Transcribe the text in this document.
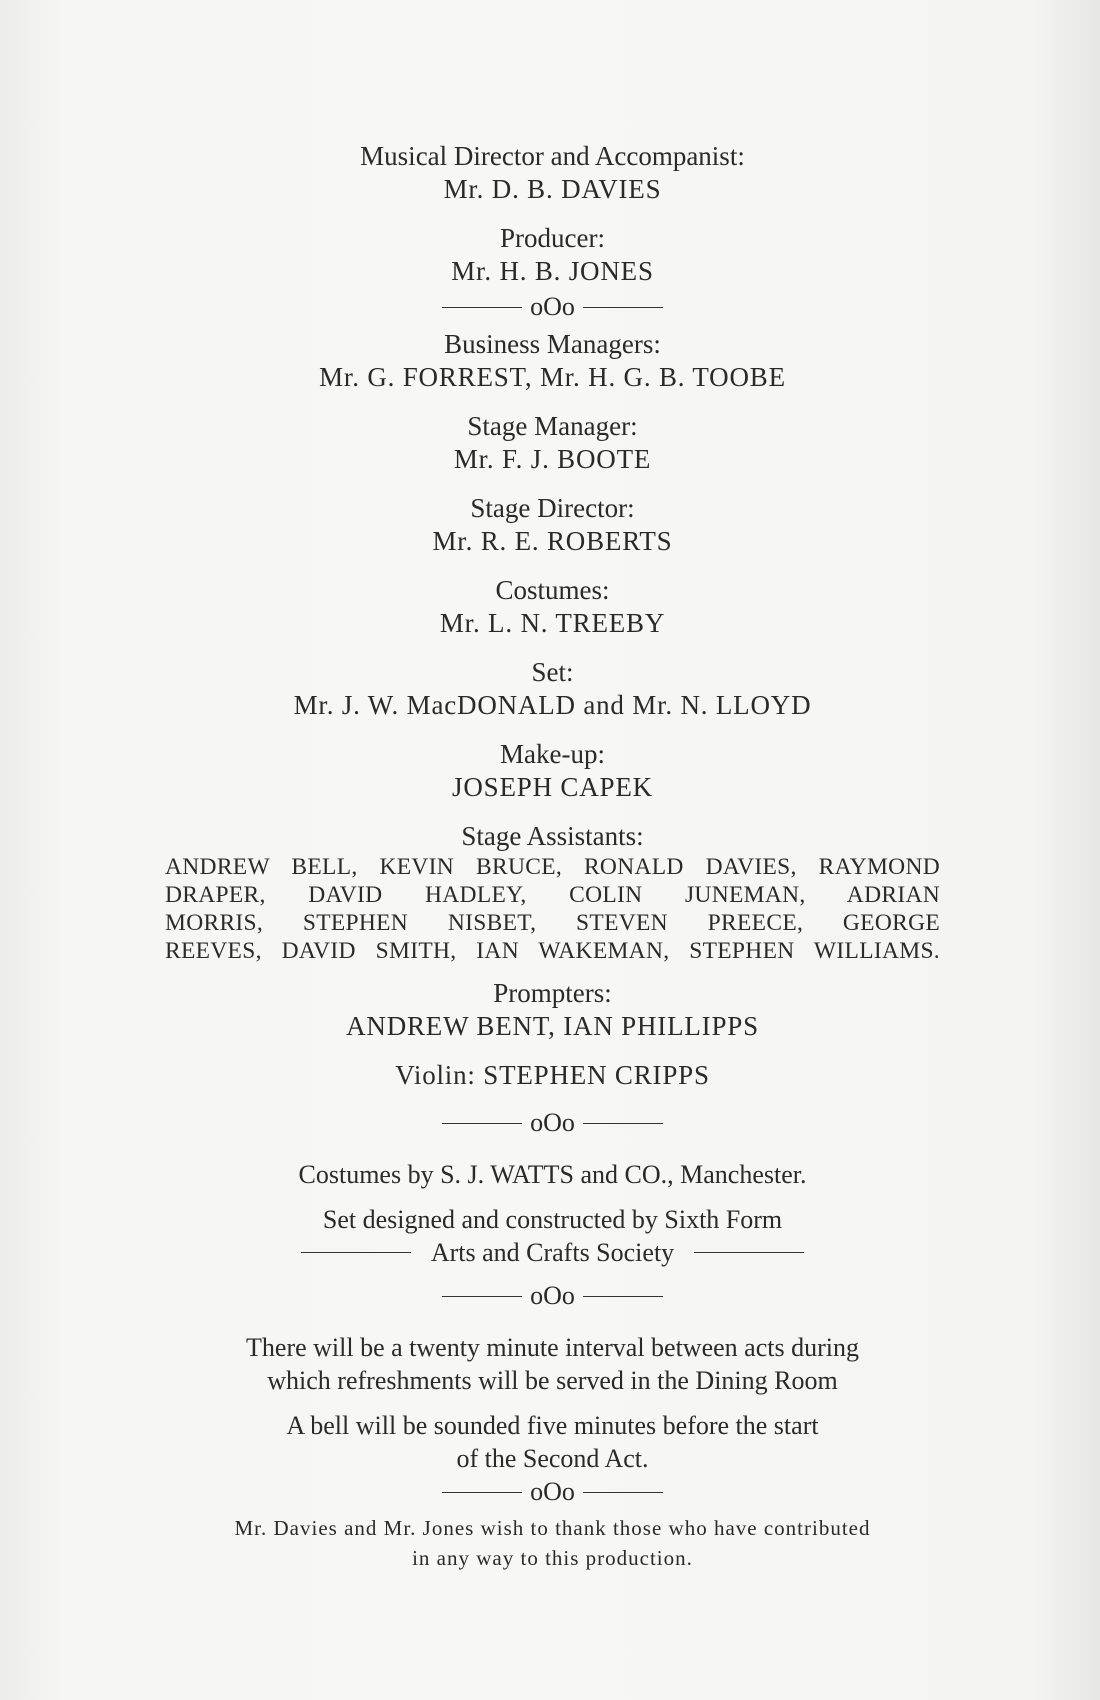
Musical Director and Accompanist:
Mr. D. B. DAVIES
Producer:
Mr. H. B. JONES
oOo
Business Managers:
Mr. G. FORREST, Mr. H. G. B. TOOBE
Stage Manager:
Mr. F. J. BOOTE
Stage Director:
Mr. R. E. ROBERTS
Costumes:
Mr. L. N. TREEBY
Set:
Mr. J. W. MacDONALD and Mr. N. LLOYD
Make-up:
JOSEPH CAPEK
Stage Assistants:
ANDREW BELL, KEVIN BRUCE, RONALD DAVIES, RAYMOND
DRAPER, DAVID HADLEY, COLIN JUNEMAN, ADRIAN
MORRIS, STEPHEN NISBET, STEVEN PREECE, GEORGE
REEVES, DAVID SMITH, IAN WAKEMAN, STEPHEN WILLIAMS.
Prompters:
ANDREW BENT, IAN PHILLIPPS
Violin: STEPHEN CRIPPS
oOo
Costumes by S. J. WATTS and CO., Manchester.
Set designed and constructed by Sixth Form
Arts and Crafts Society
oOo
There will be a twenty minute interval between acts during
which refreshments will be served in the Dining Room
A bell will be sounded five minutes before the start
of the Second Act.
oOo
Mr. Davies and Mr. Jones wish to thank those who have contributed
in any way to this production.
